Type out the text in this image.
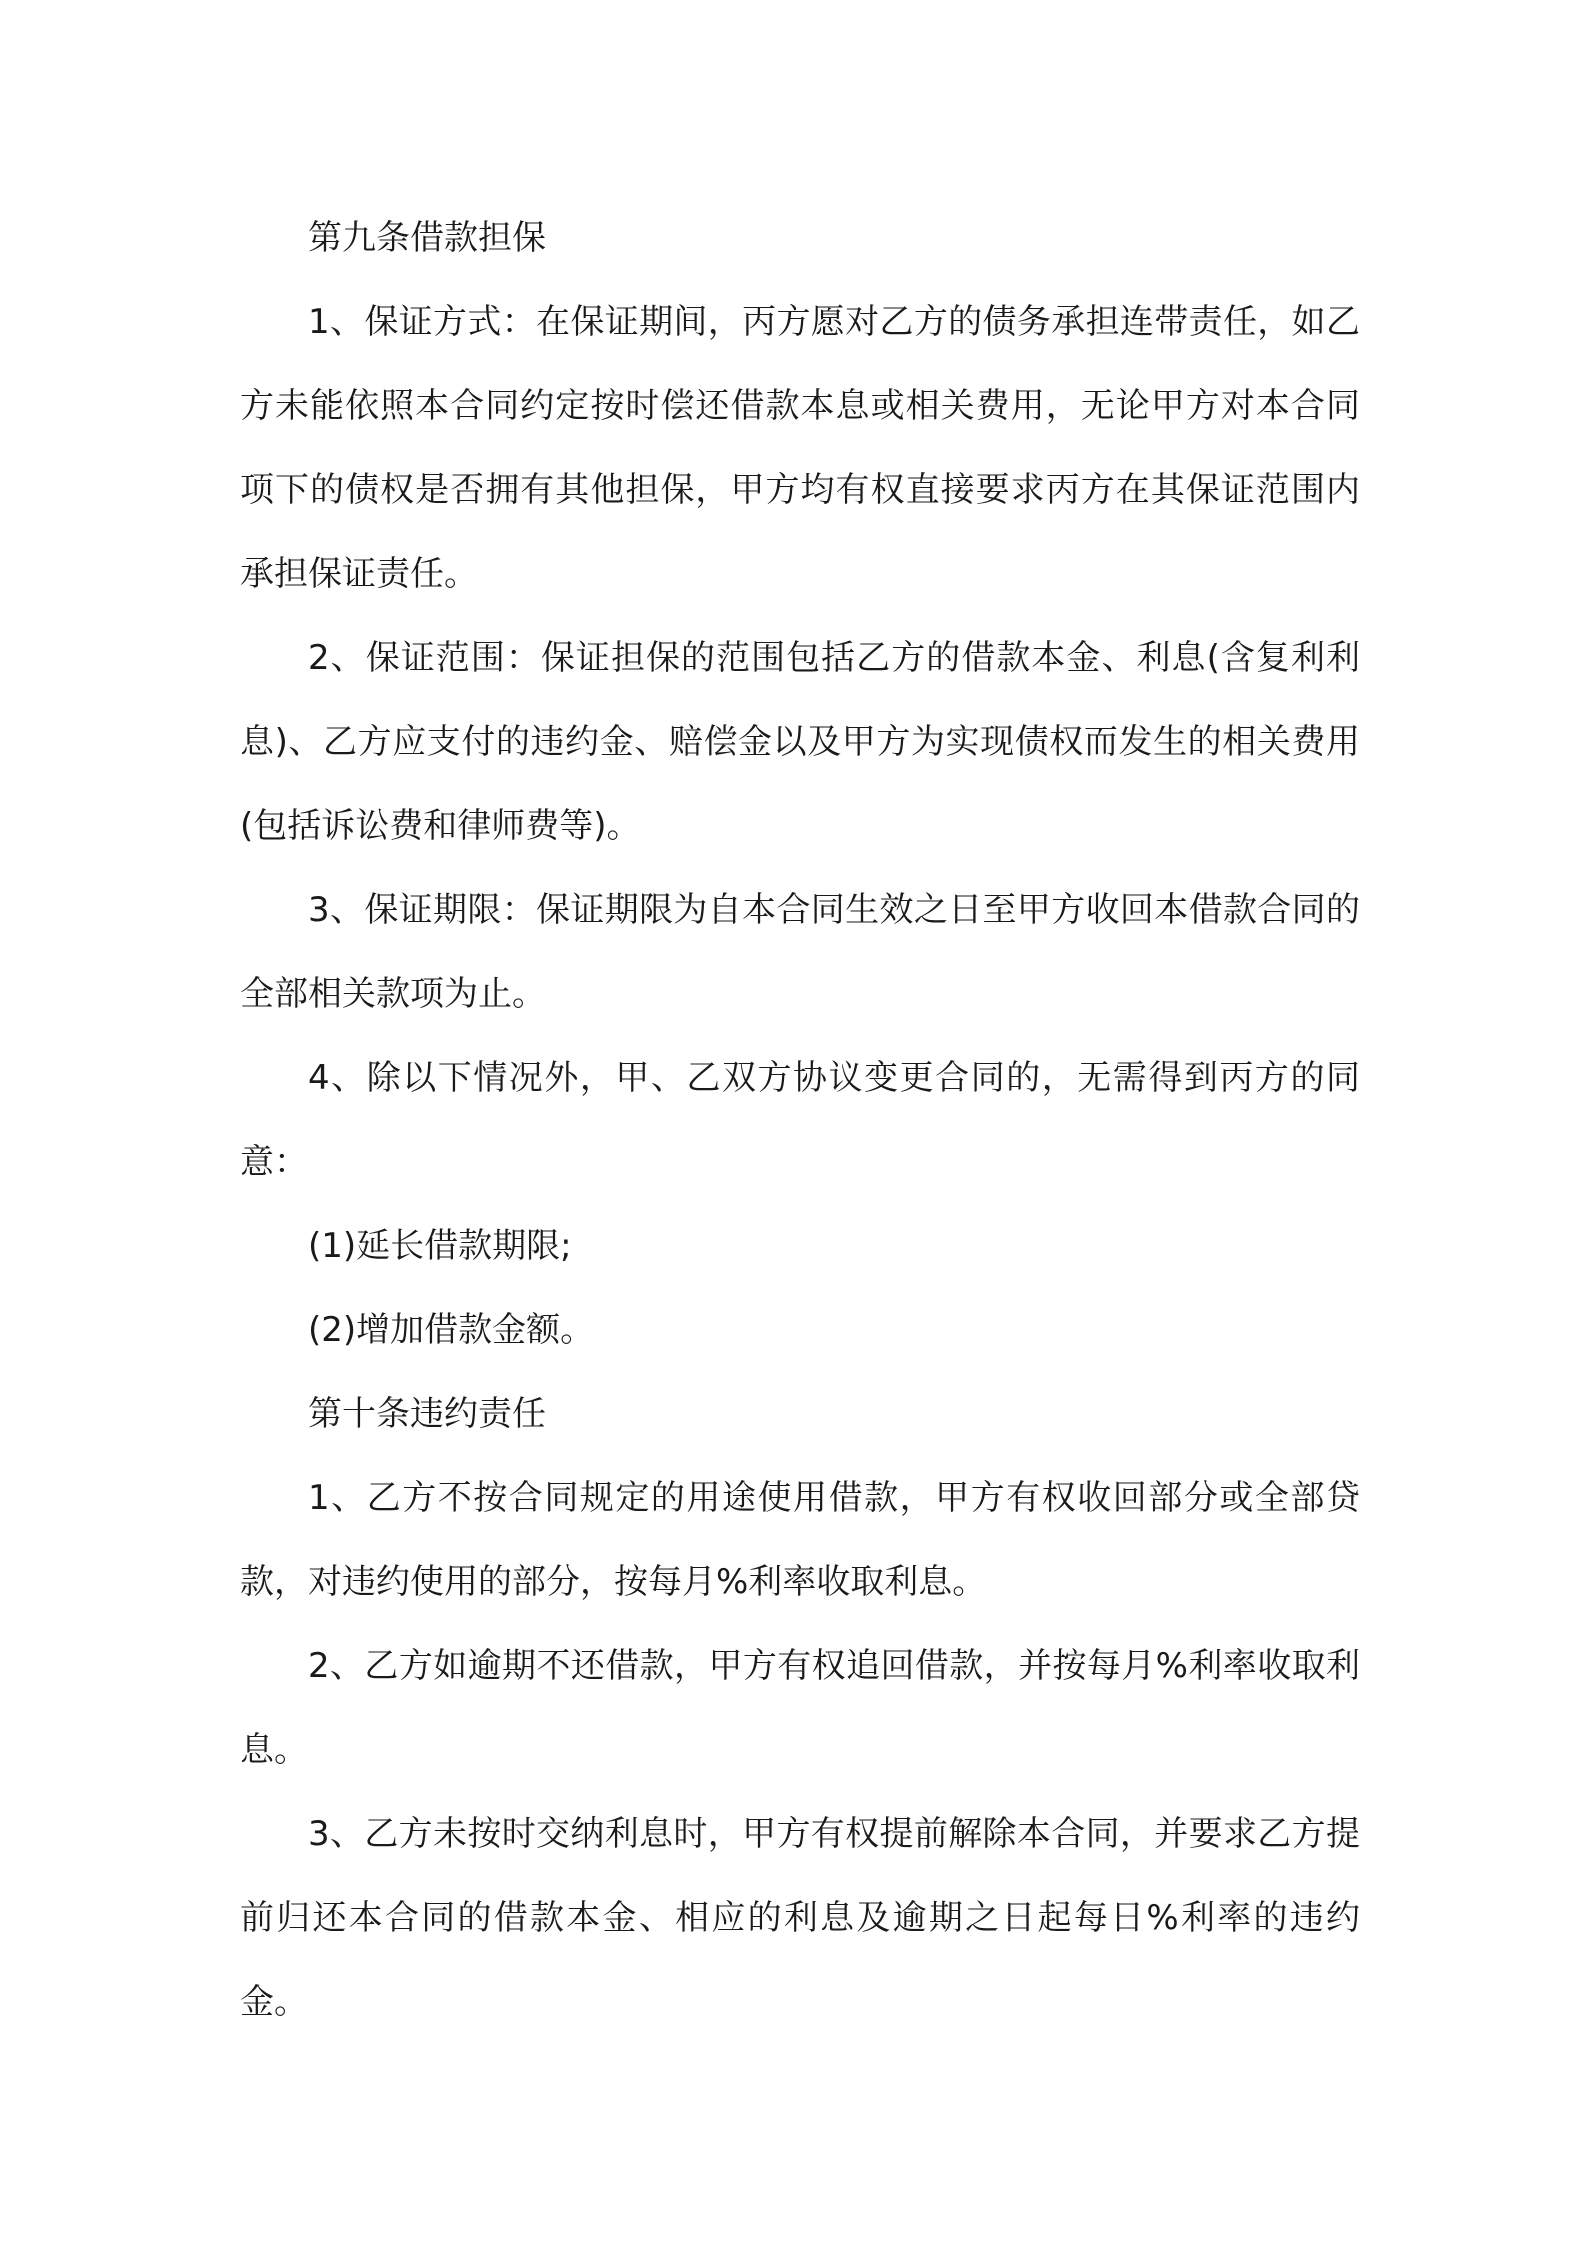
第九条借款担保

1、保证方式：在保证期间，丙方愿对乙方的债务承担连带责任，如乙方未能依照本合同约定按时偿还借款本息或相关费用，无论甲方对本合同项下的债权是否拥有其他担保，甲方均有权直接要求丙方在其保证范围内承担保证责任。

2、保证范围：保证担保的范围包括乙方的借款本金、利息(含复利利息)、乙方应支付的违约金、赔偿金以及甲方为实现债权而发生的相关费用(包括诉讼费和律师费等)。

3、保证期限：保证期限为自本合同生效之日至甲方收回本借款合同的全部相关款项为止。

4、除以下情况外，甲、乙双方协议变更合同的，无需得到丙方的同意：

(1)延长借款期限;

(2)增加借款金额。

第十条违约责任

1、乙方不按合同规定的用途使用借款，甲方有权收回部分或全部贷款，对违约使用的部分，按每月%利率收取利息。

2、乙方如逾期不还借款，甲方有权追回借款，并按每月%利率收取利息。

3、乙方未按时交纳利息时，甲方有权提前解除本合同，并要求乙方提前归还本合同的借款本金、相应的利息及逾期之日起每日%利率的违约金。
